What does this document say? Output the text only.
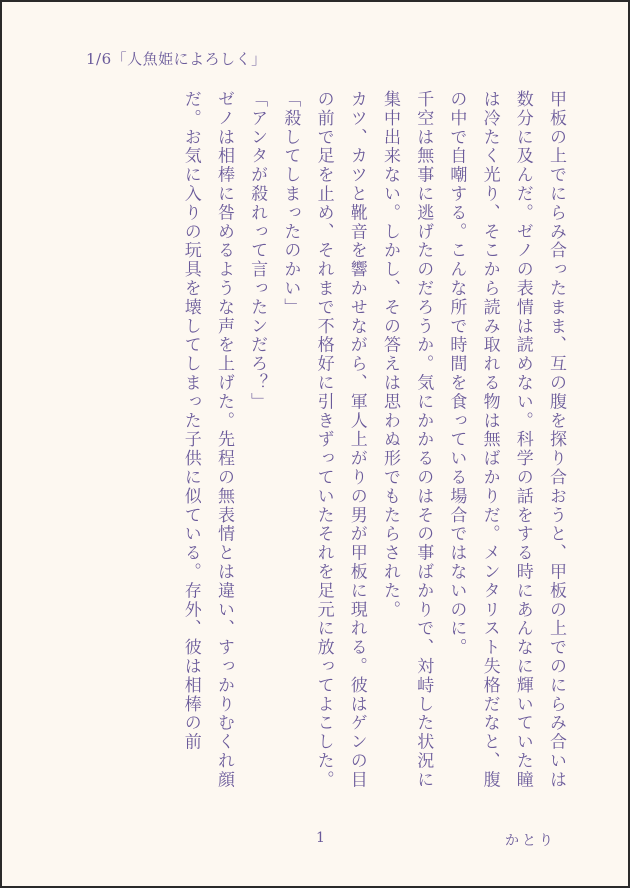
1/6「人魚姫によろしく」

甲板の上でにらみ合ったまま、互の腹を探り合おうと、甲板の上でのにらみ合いは数分に及んだ。ゼノの表情は読めない。科学の話をする時にあんなに輝いていた瞳は冷たく光り、そこから読み取れる物は無ばかりだ。メンタリスト失格だなと、腹の中で自嘲する。こんな所で時間を食っている場合ではないのに。

千空は無事に逃げたのだろうか。気にかかるのはその事ばかりで、対峙した状況に集中出来ない。しかし、その答えは思わぬ形でもたらされた。

カツ、カツと靴音を響かせながら、軍人上がりの男が甲板に現れる。彼はゲンの目の前で足を止め、それまで不格好に引きずっていたそれを足元に放ってよこした。

「殺してしまったのかい」

「アンタが殺れって言ったンだろ？」

ゼノは相棒に咎めるような声を上げた。先程の無表情とは違い、すっかりむくれ顔だ。お気に入りの玩具を壊してしまった子供に似ている。存外、彼は相棒の前

1	かとり
